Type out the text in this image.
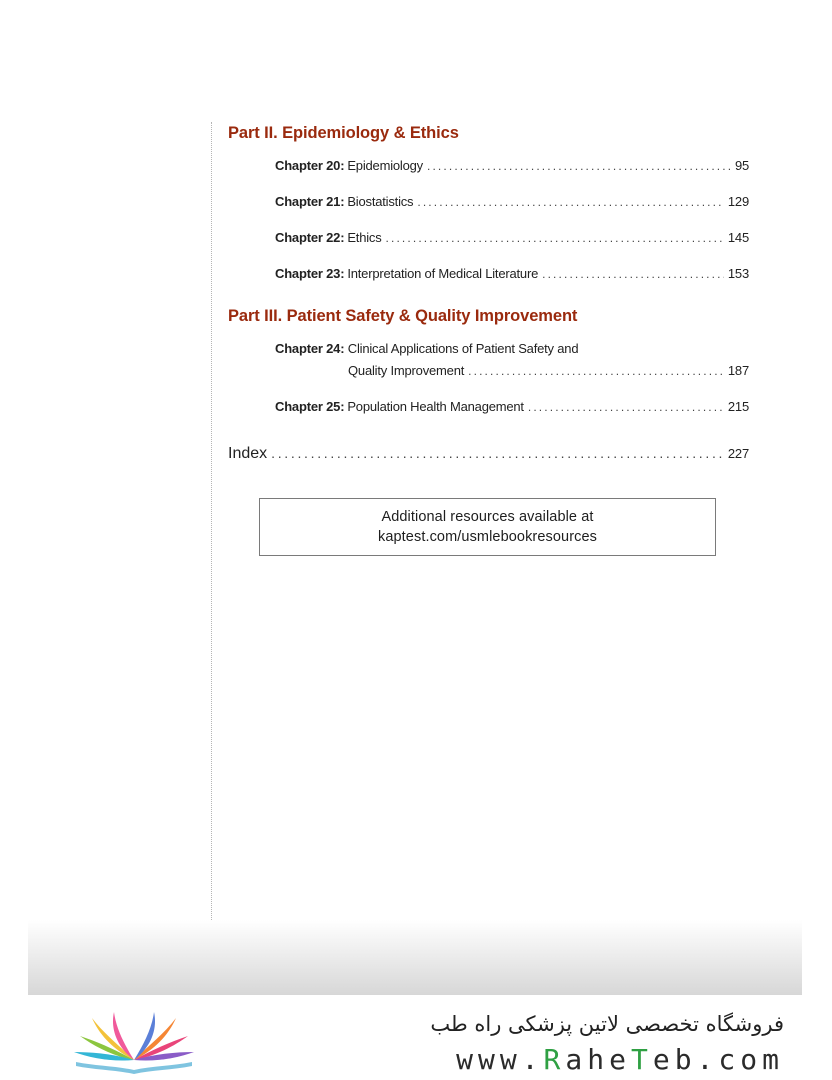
Part II. Epidemiology & Ethics
Chapter 20: Epidemiology . . .	95
Chapter 21: Biostatistics . . .	129
Chapter 22: Ethics . . .	145
Chapter 23: Interpretation of Medical Literature . . .	153
Part III. Patient Safety & Quality Improvement
Chapter 24: Clinical Applications of Patient Safety and
Quality Improvement . . .	187
Chapter 25: Population Health Management . . .	215
Index . . .	227
Additional resources available at
kaptest.com/usmlebookresources
فروشگاه تخصصی لاتین پزشکی راه طب
www.RaheTeb.com
